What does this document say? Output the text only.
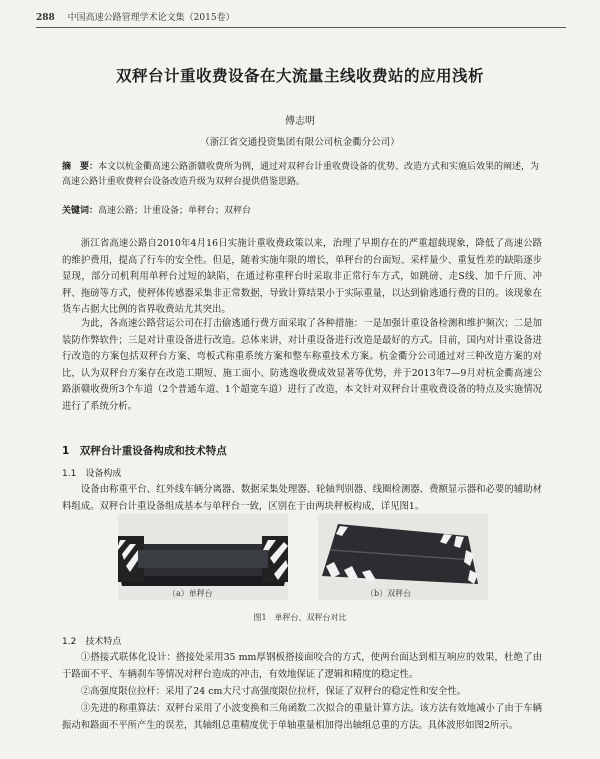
288 中国高速公路管理学术论文集（2015卷）
双秤台计重收费设备在大流量主线收费站的应用浅析
傅志明
（浙江省交通投资集团有限公司杭金衢分公司）
摘　要：本文以杭金衢高速公路浙赣收费所为例，通过对双秤台计重收费设备的优势、改造方式和实施后效果的阐述，为高速公路计重收费秤台设备改造升级为双秤台提供借鉴思路。
关键词：高速公路；计重设备；单秤台；双秤台

浙江省高速公路自2010年4月16日实施计重收费政策以来，治理了早期存在的严重超载现象，降低了高速公路的维护费用，提高了行车的安全性。但是，随着实施年限的增长，单秤台的台面短、采样量少、重复性差的缺陷逐步显现，部分司机利用单秤台过短的缺陷，在通过称重秤台时采取非正常行车方式，如跳磅、走S线、加千斤顶、冲秤、拖磅等方式，使秤体传感器采集非正常数据，导致计算结果小于实际重量，以达到偷逃通行费的目的。该现象在货车占据大比例的省界收费站尤其突出。

为此，各高速公路营运公司在打击偷逃通行费方面采取了各种措施：一是加强计重设备检测和维护频次；二是加装防作弊软件；三是对计重设备进行改造。总体来讲，对计重设备进行改造是最好的方式。目前，国内对计重设备进行改造的方案包括双秤台方案、弯板式称重系统方案和整车称重技术方案。杭金衢分公司通过对三种改造方案的对比，认为双秤台方案存在改造工期短、施工面小、防逃逸收费成效显著等优势，并于2013年7—9月对杭金衢高速公路浙赣收费所3个车道（2个普通车道、1个超宽车道）进行了改造，本文针对双秤台计重收费设备的特点及实施情况进行了系统分析。

1　双秤台计重设备构成和技术特点
1.1　设备构成

设备由称重平台、红外线车辆分离器、数据采集处理器、轮轴判别器、线圈检测器、费额显示器和必要的辅助材料组成。双秤台计重设备组成基本与单秤台一致，区别在于由两块秤板构成，详见图1。

（a）单秤台	（b）双秤台
图1　单秤台、双秤台对比
1.2　技术特点

①搭接式联体化设计：搭接处采用35 mm厚钢板搭接面咬合的方式，使两台面达到相互响应的效果，杜绝了由于路面不平、车辆刹车等情况对秤台造成的冲击，有效地保证了逻辑和精度的稳定性。

②高强度限位拉杆：采用了24 cm大尺寸高强度限位拉杆，保证了双秤台的稳定性和安全性。

③先进的称重算法：双秤台采用了小波变换和三角函数二次拟合的重量计算方法。该方法有效地减小了由于车辆振动和路面不平所产生的误差，其轴组总重精度优于单轴重量相加得出轴组总重的方法。具体波形如图2所示。
